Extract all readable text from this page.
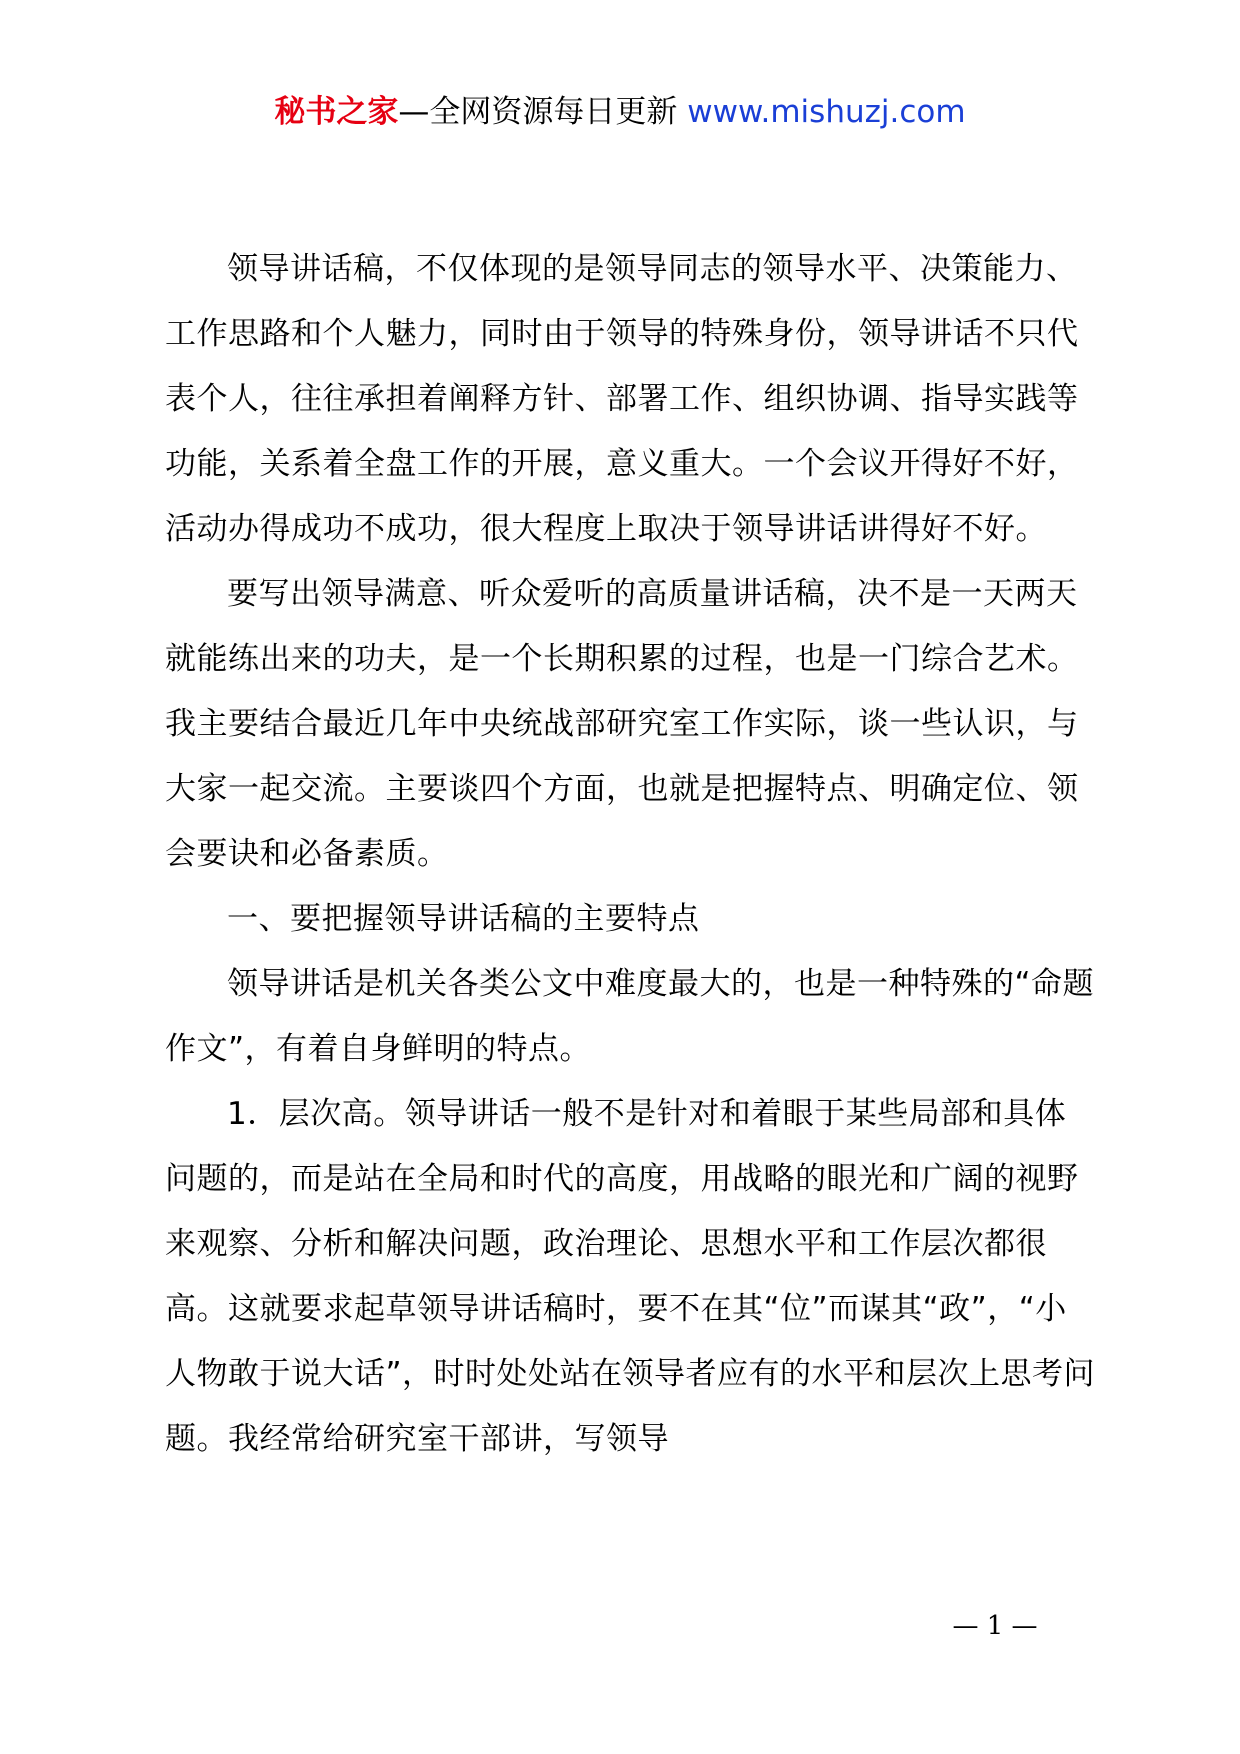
秘书之家—全网资源每日更新 www.mishuzj.com

领导讲话稿，不仅体现的是领导同志的领导水平、决策能力、工作思路和个人魅力，同时由于领导的特殊身份，领导讲话不只代表个人，往往承担着阐释方针、部署工作、组织协调、指导实践等功能，关系着全盘工作的开展，意义重大。一个会议开得好不好，活动办得成功不成功，很大程度上取决于领导讲话讲得好不好。

要写出领导满意、听众爱听的高质量讲话稿，决不是一天两天就能练出来的功夫，是一个长期积累的过程，也是一门综合艺术。我主要结合最近几年中央统战部研究室工作实际，谈一些认识，与大家一起交流。主要谈四个方面，也就是把握特点、明确定位、领会要诀和必备素质。

一、要把握领导讲话稿的主要特点

领导讲话是机关各类公文中难度最大的，也是一种特殊的“命题作文”，有着自身鲜明的特点。

1．层次高。领导讲话一般不是针对和着眼于某些局部和具体问题的，而是站在全局和时代的高度，用战略的眼光和广阔的视野来观察、分析和解决问题，政治理论、思想水平和工作层次都很高。这就要求起草领导讲话稿时，要不在其“位”而谋其“政”，“小人物敢于说大话”，时时处处站在领导者应有的水平和层次上思考问题。我经常给研究室干部讲，写领导

— 1 —
